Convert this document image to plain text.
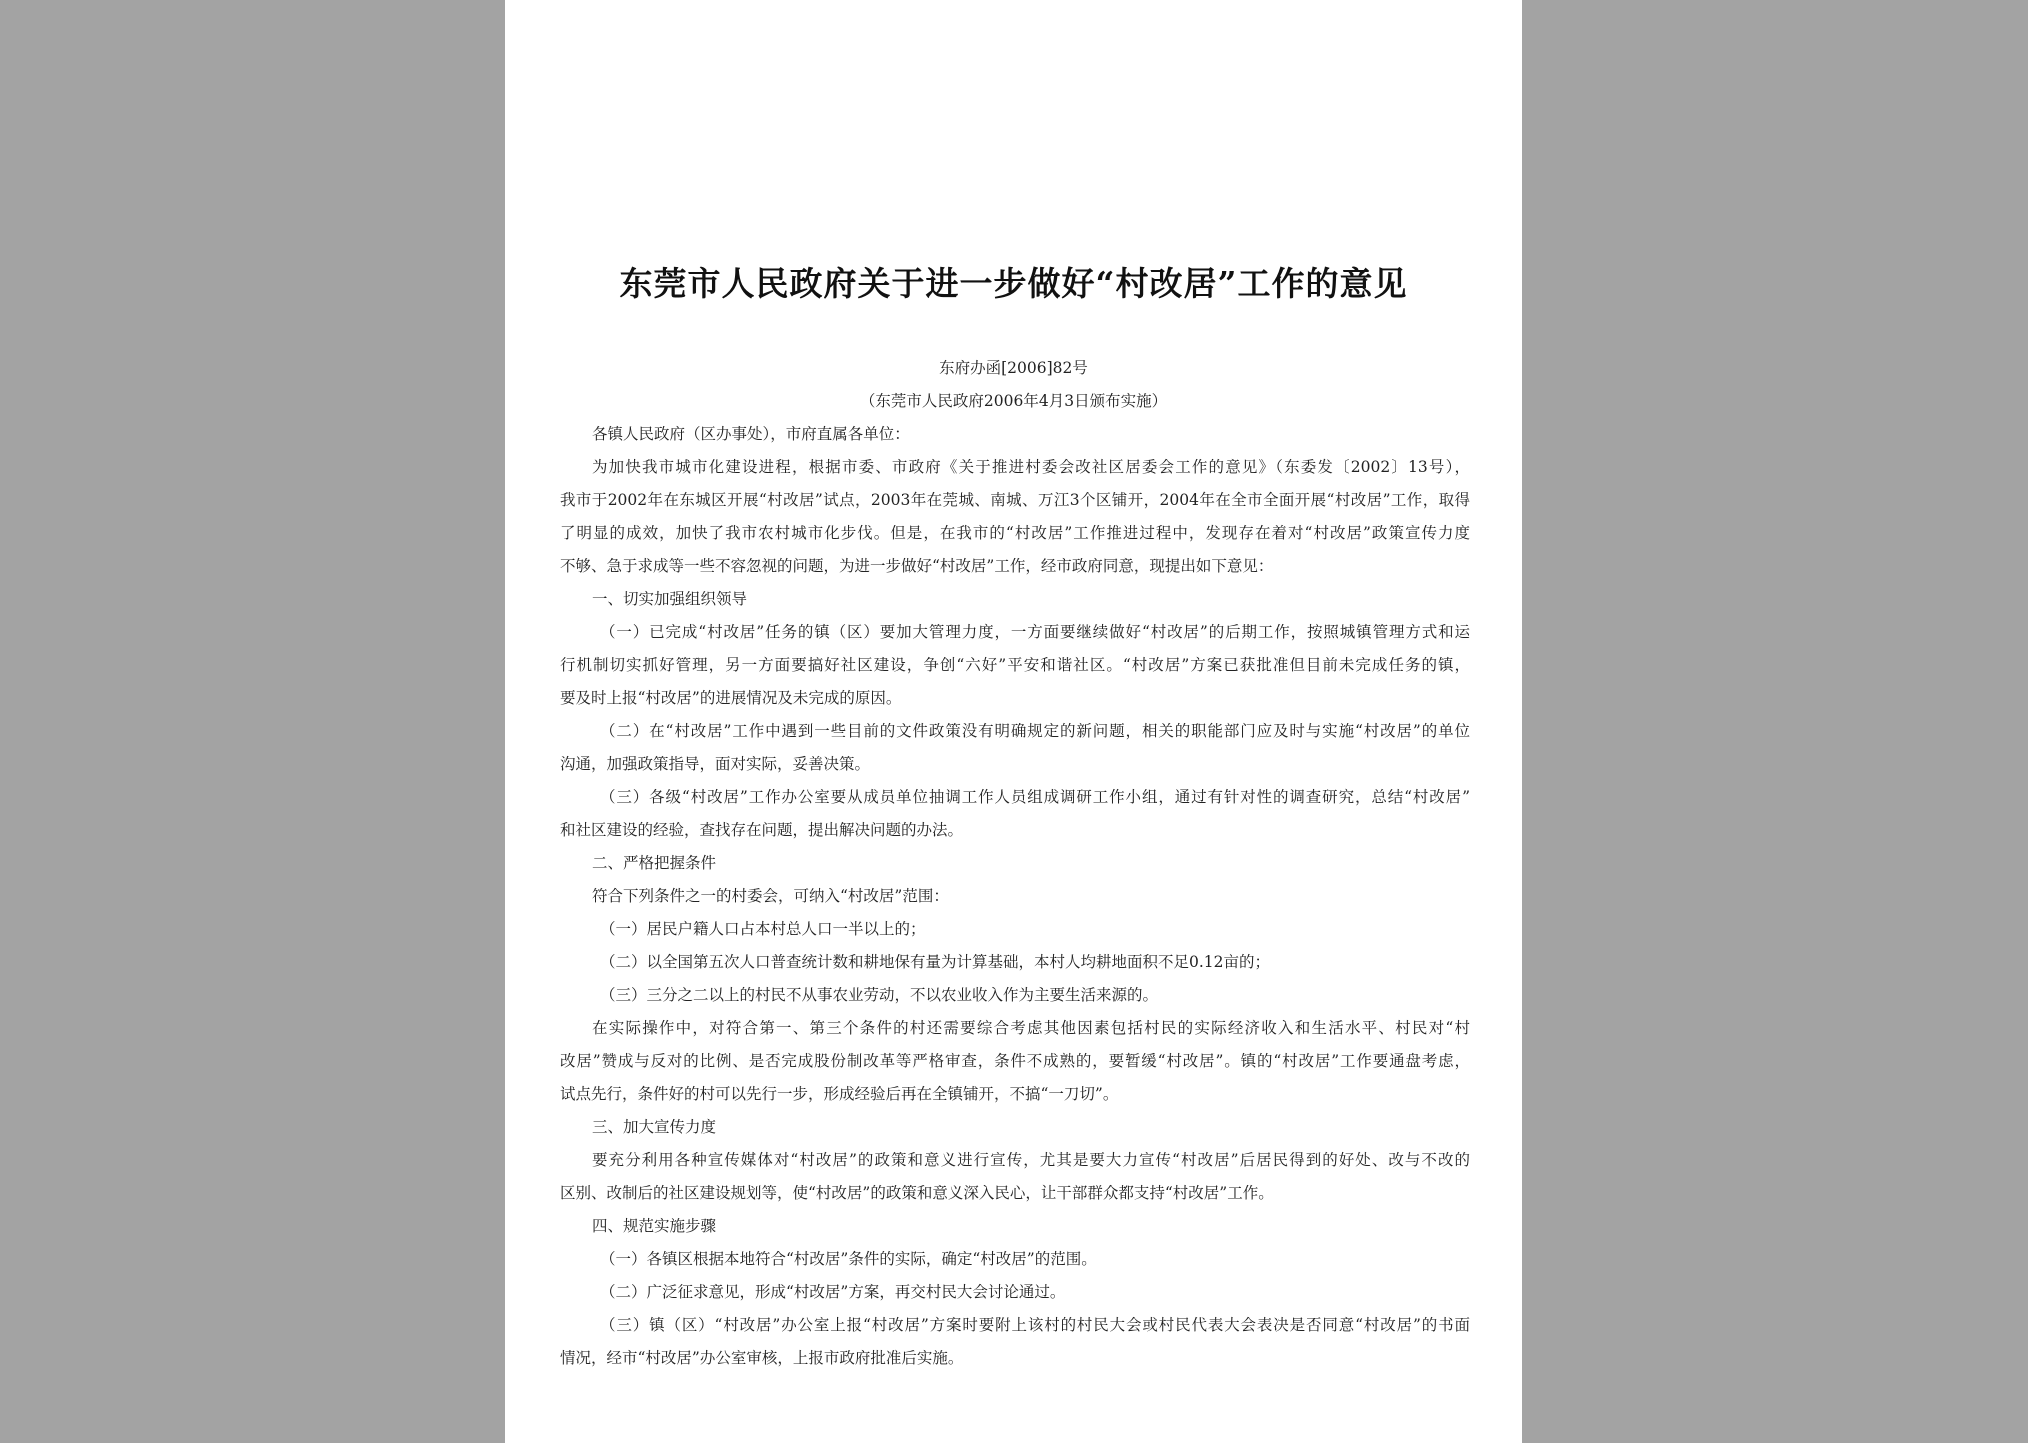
东莞市人民政府关于进一步做好“村改居”工作的意见
东府办函[2006]82号
（东莞市人民政府2006年4月3日颁布实施）
各镇人民政府（区办事处），市府直属各单位：
为加快我市城市化建设进程，根据市委、市政府《关于推进村委会改社区居委会工作的意见》（东委发〔2002〕13号），
我市于2002年在东城区开展“村改居”试点，2003年在莞城、南城、万江3个区铺开，2004年在全市全面开展“村改居”工作，取得
了明显的成效，加快了我市农村城市化步伐。但是，在我市的“村改居”工作推进过程中，发现存在着对“村改居”政策宣传力度
不够、急于求成等一些不容忽视的问题，为进一步做好“村改居”工作，经市政府同意，现提出如下意见：
一、切实加强组织领导
（一）已完成“村改居”任务的镇（区）要加大管理力度，一方面要继续做好“村改居”的后期工作，按照城镇管理方式和运
行机制切实抓好管理，另一方面要搞好社区建设，争创“六好”平安和谐社区。“村改居”方案已获批准但目前未完成任务的镇，
要及时上报“村改居”的进展情况及未完成的原因。
（二）在“村改居”工作中遇到一些目前的文件政策没有明确规定的新问题，相关的职能部门应及时与实施“村改居”的单位
沟通，加强政策指导，面对实际，妥善决策。
（三）各级“村改居”工作办公室要从成员单位抽调工作人员组成调研工作小组，通过有针对性的调查研究，总结“村改居”
和社区建设的经验，查找存在问题，提出解决问题的办法。
二、严格把握条件
符合下列条件之一的村委会，可纳入“村改居”范围：
（一）居民户籍人口占本村总人口一半以上的；
（二）以全国第五次人口普查统计数和耕地保有量为计算基础，本村人均耕地面积不足0.12亩的；
（三）三分之二以上的村民不从事农业劳动，不以农业收入作为主要生活来源的。
在实际操作中，对符合第一、第三个条件的村还需要综合考虑其他因素包括村民的实际经济收入和生活水平、村民对“村
改居”赞成与反对的比例、是否完成股份制改革等严格审查，条件不成熟的，要暂缓“村改居”。镇的“村改居”工作要通盘考虑，
试点先行，条件好的村可以先行一步，形成经验后再在全镇铺开，不搞“一刀切”。
三、加大宣传力度
要充分利用各种宣传媒体对“村改居”的政策和意义进行宣传，尤其是要大力宣传“村改居”后居民得到的好处、改与不改的
区别、改制后的社区建设规划等，使“村改居”的政策和意义深入民心，让干部群众都支持“村改居”工作。
四、规范实施步骤
（一）各镇区根据本地符合“村改居”条件的实际，确定“村改居”的范围。
（二）广泛征求意见，形成“村改居”方案，再交村民大会讨论通过。
（三）镇（区）“村改居”办公室上报“村改居”方案时要附上该村的村民大会或村民代表大会表决是否同意“村改居”的书面
情况，经市“村改居”办公室审核，上报市政府批准后实施。
